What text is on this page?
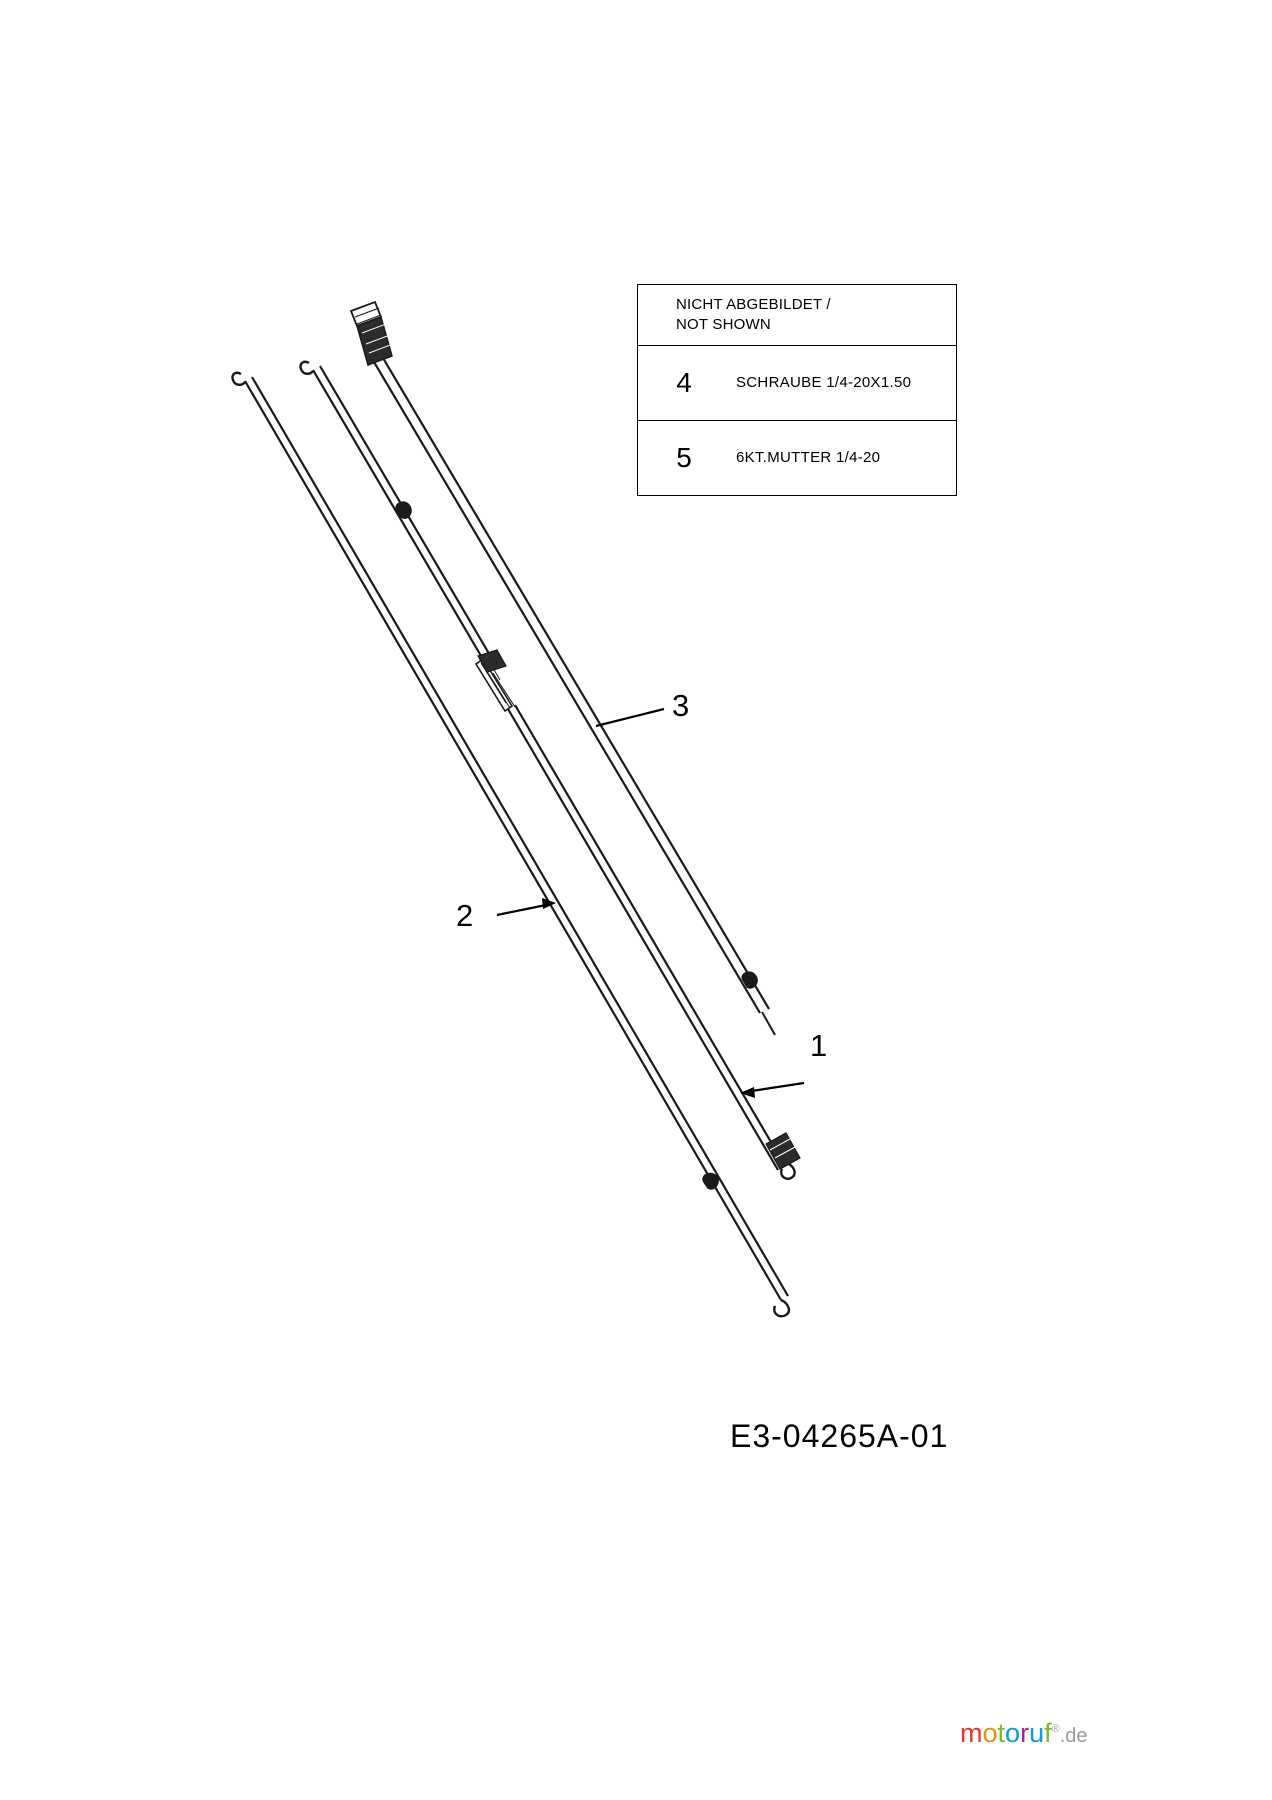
NICHT ABGEBILDET /
NOT SHOWN
4	SCHRAUBE 1/4-20X1.50
5	6KT.MUTTER 1/4-20
3
2
1
E3-04265A-01
motoruf®.de
